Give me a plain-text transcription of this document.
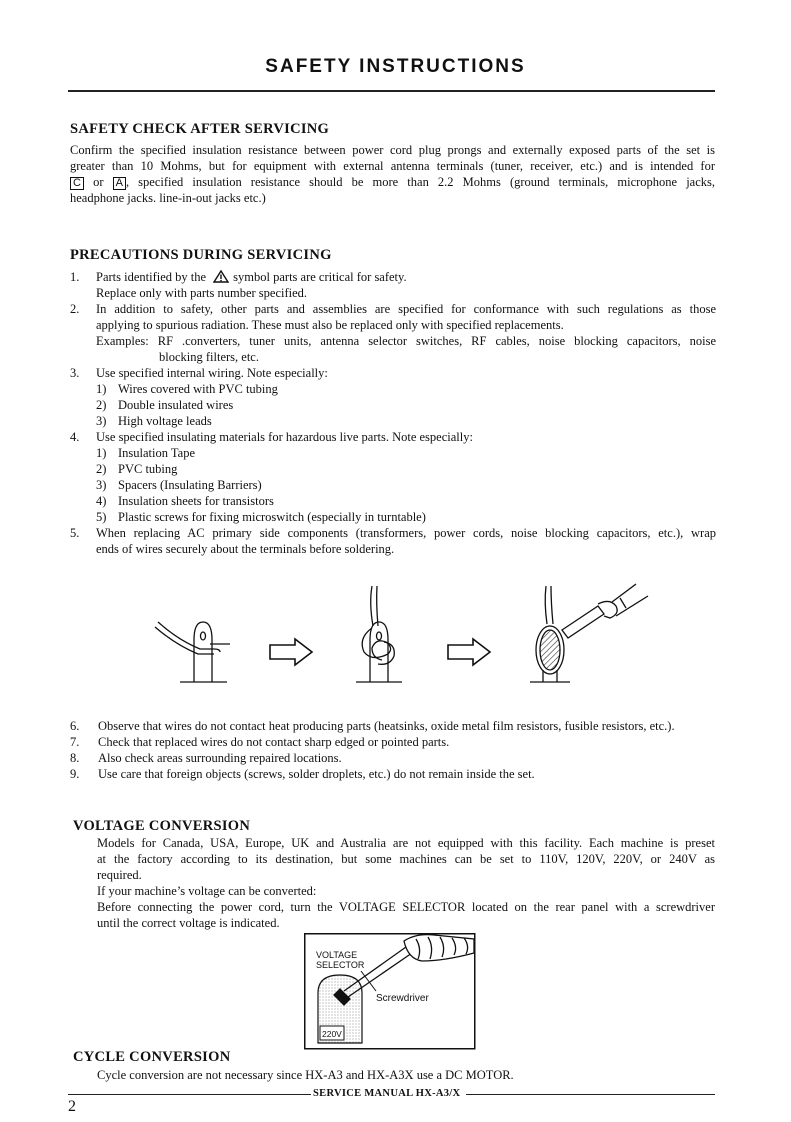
SAFETY INSTRUCTIONS
SAFETY CHECK AFTER SERVICING
Confirm the specified insulation resistance between power cord plug prongs and externally exposed parts of the set is
greater than 10 Mohms, but for equipment with external antenna terminals (tuner, receiver, etc.) and is intended for
C or A , specified insulation resistance should be more than 2.2 Mohms (ground terminals, microphone jacks,
headphone jacks. line-in-out jacks etc.)
PRECAUTIONS DURING SERVICING
1. Parts identified by the symbol parts are critical for safety.
Replace only with parts number specified.
2. In addition to safety, other parts and assemblies are specified for conformance with such regulations as those
applying to spurious radiation. These must also be replaced only with specified replacements.
Examples: RF .converters, tuner units, antenna selector switches, RF cables, noise blocking capacitors, noise
blocking filters, etc.
3. Use specified internal wiring. Note especially:
1) Wires covered with PVC tubing
2) Double insulated wires
3) High voltage leads
4. Use specified insulating materials for hazardous live parts. Note especially:
1) Insulation Tape
2) PVC tubing
3) Spacers (Insulating Barriers)
4) Insulation sheets for transistors
5) Plastic screws for fixing microswitch (especially in turntable)
5. When replacing AC primary side components (transformers, power cords, noise blocking capacitors, etc.), wrap
ends of wires securely about the terminals before soldering.
6. Observe that wires do not contact heat producing parts (heatsinks, oxide metal film resistors, fusible resistors, etc.).
7. Check that replaced wires do not contact sharp edged or pointed parts.
8. Also check areas surrounding repaired locations.
9. Use care that foreign objects (screws, solder droplets, etc.) do not remain inside the set.
VOLTAGE CONVERSION
Models for Canada, USA, Europe, UK and Australia are not equipped with this facility. Each machine is preset
at the factory according to its destination, but some machines can be set to 110V, 120V, 220V, or 240V as
required.
If your machine’s voltage can be converted:
Before connecting the power cord, turn the VOLTAGE SELECTOR located on the rear panel with a screwdriver
until the correct voltage is indicated.
VOLTAGE
SELECTOR
220V
Screwdriver
CYCLE CONVERSION
Cycle conversion are not necessary since HX-A3 and HX-A3X use a DC MOTOR.
SERVICE MANUAL HX-A3/X
2
